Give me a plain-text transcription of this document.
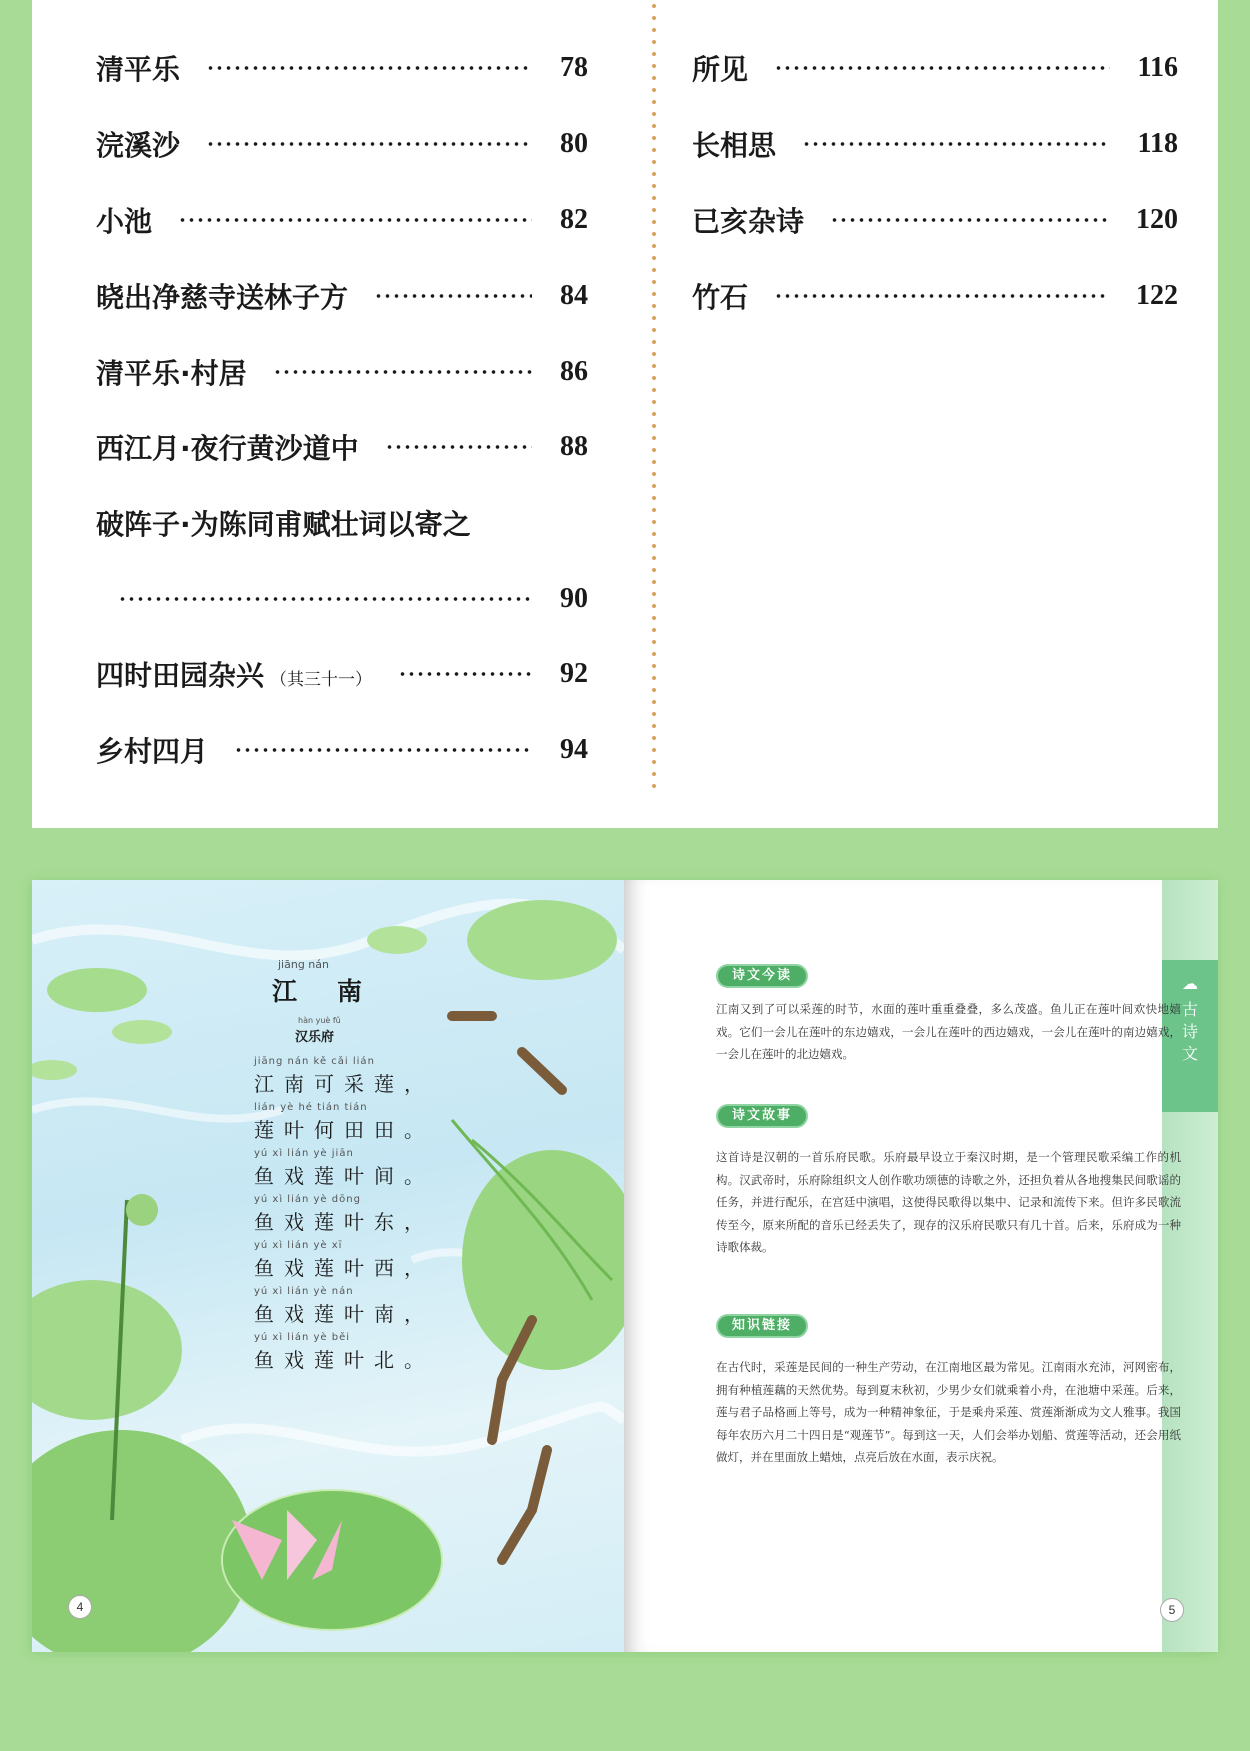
清平乐	78
浣溪沙	80
小池	82
晓出净慈寺送林子方	84
清平乐·村居	86
西江月·夜行黄沙道中	88
破阵子·为陈同甫赋壮词以寄之
90
四时田园杂兴 （其三十一）	92
乡村四月	94
所见	116
长相思	118
已亥杂诗	120
竹石	122
jiāng nán
江南
hàn yuè fǔ
汉乐府
jiāng nán kě cǎi lián
江南可采莲，
lián yè hé tián tián
莲叶何田田。
yú xì lián yè jiān
鱼戏莲叶间。
yú xì lián yè dōng
鱼戏莲叶东，
yú xì lián yè xī
鱼戏莲叶西，
yú xì lián yè nán
鱼戏莲叶南，
yú xì lián yè běi
鱼戏莲叶北。
4
☁
古
诗
文
诗文今读
江南又到了可以采莲的时节，水面的莲叶重重叠叠，多么茂盛。鱼儿正在莲叶间欢快地嬉戏。它们一会儿在莲叶的东边嬉戏，一会儿在莲叶的西边嬉戏，一会儿在莲叶的南边嬉戏，一会儿在莲叶的北边嬉戏。
诗文故事
这首诗是汉朝的一首乐府民歌。乐府最早设立于秦汉时期，是一个管理民歌采编工作的机构。汉武帝时，乐府除组织文人创作歌功颂德的诗歌之外，还担负着从各地搜集民间歌谣的任务，并进行配乐，在宫廷中演唱，这使得民歌得以集中、记录和流传下来。但许多民歌流传至今，原来所配的音乐已经丢失了，现存的汉乐府民歌只有几十首。后来，乐府成为一种诗歌体裁。
知识链接
在古代时，采莲是民间的一种生产劳动，在江南地区最为常见。江南雨水充沛，河网密布，拥有种植莲藕的天然优势。每到夏末秋初，少男少女们就乘着小舟，在池塘中采莲。后来，莲与君子品格画上等号，成为一种精神象征，于是乘舟采莲、赏莲渐渐成为文人雅事。我国每年农历六月二十四日是“观莲节”。每到这一天，人们会举办划船、赏莲等活动，还会用纸做灯，并在里面放上蜡烛，点亮后放在水面，表示庆祝。
5
